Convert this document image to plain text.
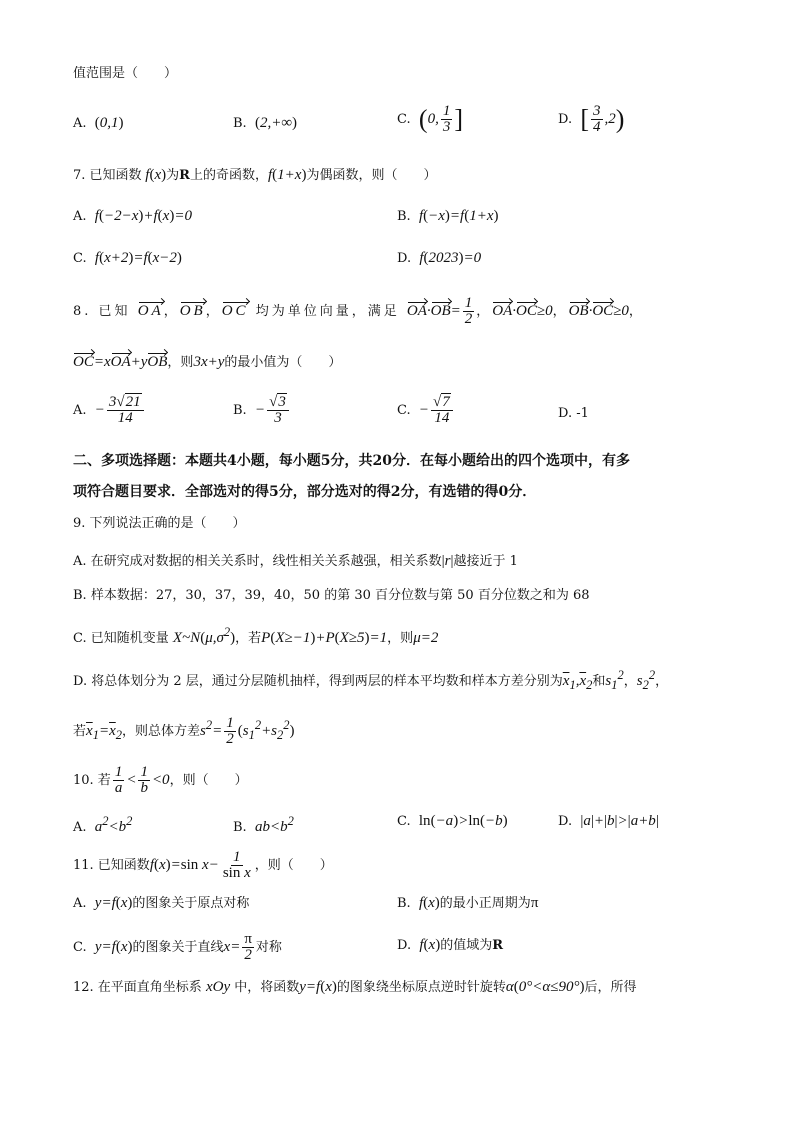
值范围是（　　）
A. (0,1)	B. (2,+∞)	C. (0, $\frac{1}{3}$ ]	D. [ $\frac{3}{4} ,2$)
7. 已知函数 f(x)为R上的奇函数，f(1+x)为偶函数，则（　　）
A. f(−2−x)+f(x)=0	B. f(−x)=f(1+x)
C. f(x+2)=f(x−2)	D. f(2023)=0
8. 已知 OA，OB，OC 均为单位向量，满足 $OA\cdot OB= \frac{1}{2}$ ，OA·OC≥0，OB·OC≥0，
OC=xOA+yOB，则3x+y的最小值为（　　）
A. − $\frac{3√21}{14}$	B. − $\frac{√3}{3}$	C. − $\frac{√7}{14}$	D. -1
二、多项选择题：本题共4小题，每小题5分，共20分．在每小题给出的四个选项中，有多
项符合题目要求．全部选对的得5分，部分选对的得2分，有选错的得0分．
9. 下列说法正确的是（　　）
A. 在研究成对数据的相关关系时，线性相关关系越强，相关系数|r|越接近于 1
B. 样本数据：27，30，37，39，40，50 的第 30 百分位数与第 50 百分位数之和为 68
C. 已知随机变量 $X\sim N(\mu,\sigma^2)$，若P(X≥−1)+P(X≥5)=1，则μ=2
D. 将总体划分为 2 层，通过分层随机抽样，得到两层的样本平均数和样本方差分别为$\overline{x}_1,\overline{x}_2$和$s_1^2$，$s_2^2$，
若$\overline{x}_1=\overline{x}_2$，则总体方差$s^2= \frac{1}{2} (s_1^2+s_2^2)$
10. 若 $\frac{1}{a} < \frac{1}{b} <0$，则（　　）
A. $a^2<b^2$	B. $ab<b^2$	C. ln(−a)>ln(−b)	D. |a|+|b|>|a+b|
11. 已知函数f(x)=sin $x- \frac{1}{\text{sin x}}$ ，则（　　）
A. y=f(x)的图象关于原点对称	B. f(x)的最小正周期为π
C. y=f(x)的图象关于直线$x= \frac{\pi}{2}$ 对称	D. f(x)的值域为R
12. 在平面直角坐标系 xOy 中，将函数y=f(x)的图象绕坐标原点逆时针旋转α(0°<α≤90°)后，所得
